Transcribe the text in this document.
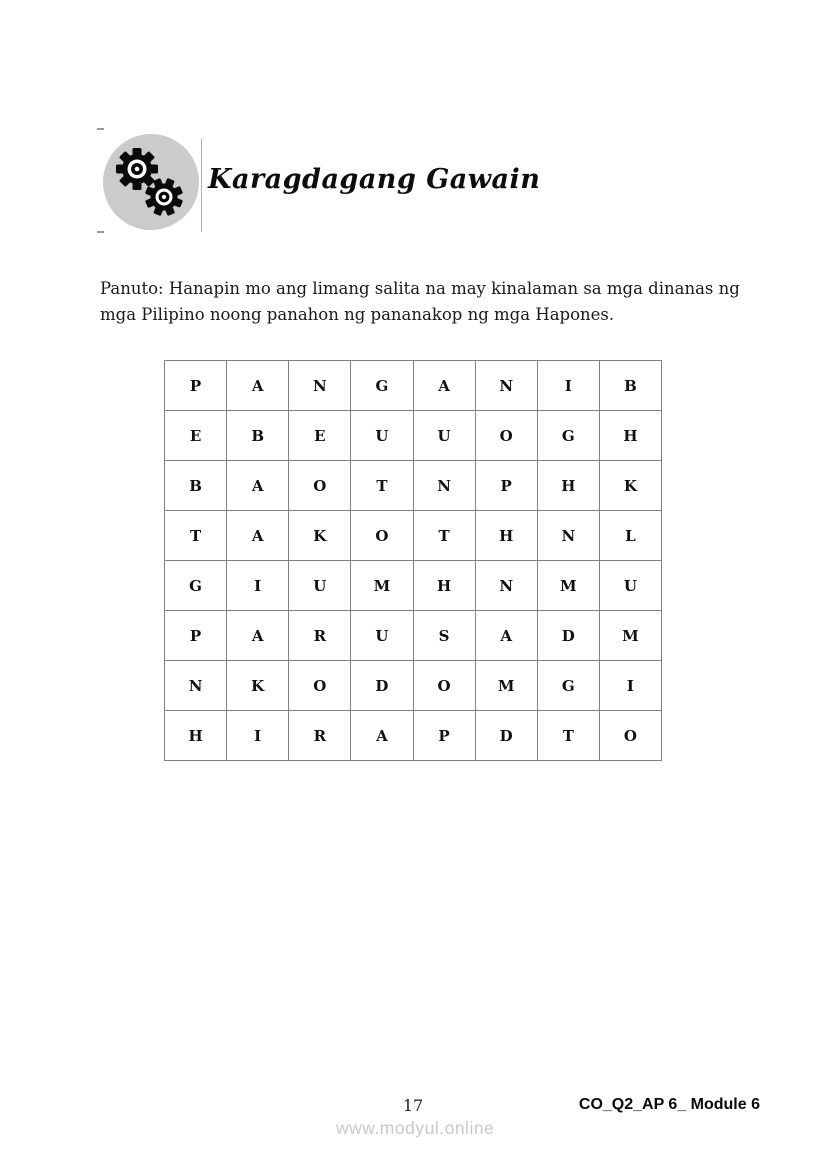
Karagdagang Gawain
Panuto: Hanapin mo ang limang salita na may kinalaman sa mga dinanas ng
mga Pilipino noong panahon ng pananakop ng mga Hapones.
P	A	N	G	A	N	I	B
E	B	E	U	U	O	G	H
B	A	O	T	N	P	H	K
T	A	K	O	T	H	N	L
G	I	U	M	H	N	M	U
P	A	R	U	S	A	D	M
N	K	O	D	O	M	G	I
H	I	R	A	P	D	T	O
17	CO_Q2_AP 6_ Module 6
www.modyul.online
